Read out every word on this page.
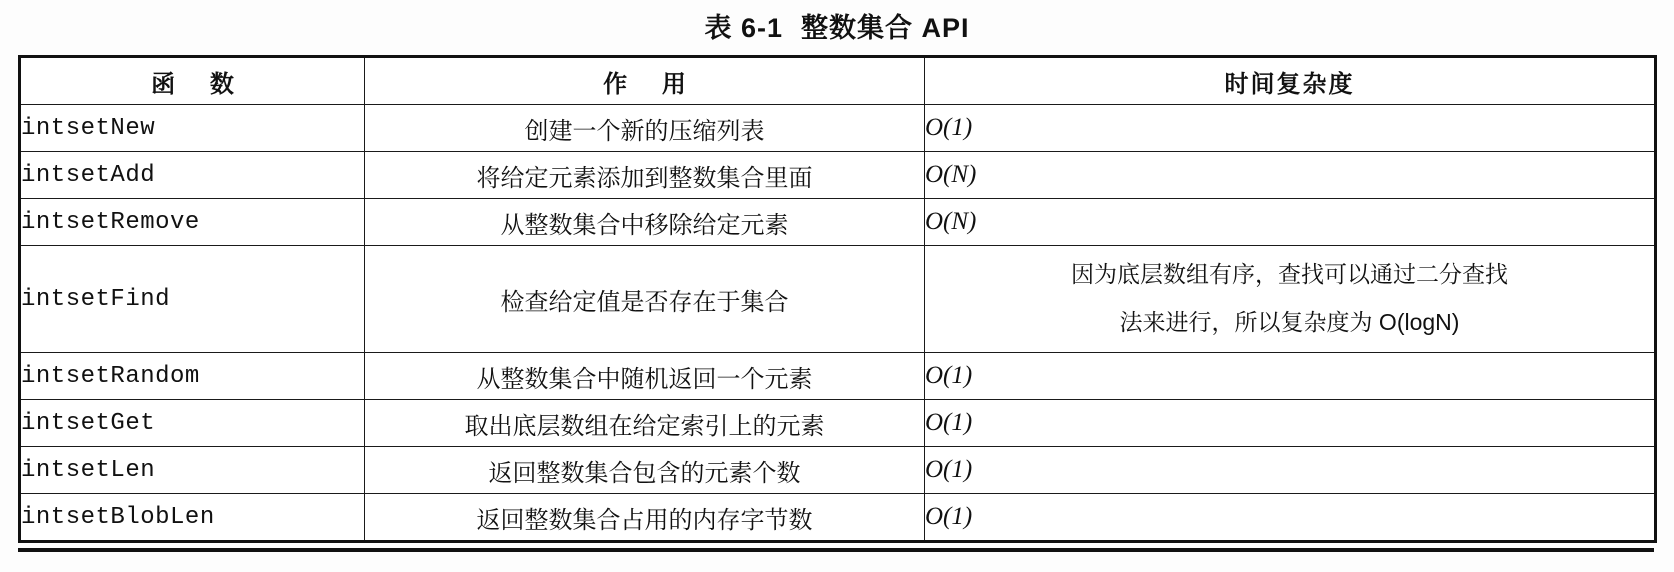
表 6-1 整数集合 API
函 数	作 用	时间复杂度
intsetNew	创建一个新的压缩列表	O(1)
intsetAdd	将给定元素添加到整数集合里面	O(N)
intsetRemove	从整数集合中移除给定元素	O(N)
intsetFind	检查给定值是否存在于集合	因为底层数组有序，查找可以通过二分查找
法来进行，所以复杂度为 O(logN)

intsetRandom	从整数集合中随机返回一个元素	O(1)
intsetGet	取出底层数组在给定索引上的元素	O(1)
intsetLen	返回整数集合包含的元素个数	O(1)
intsetBlobLen	返回整数集合占用的内存字节数	O(1)
